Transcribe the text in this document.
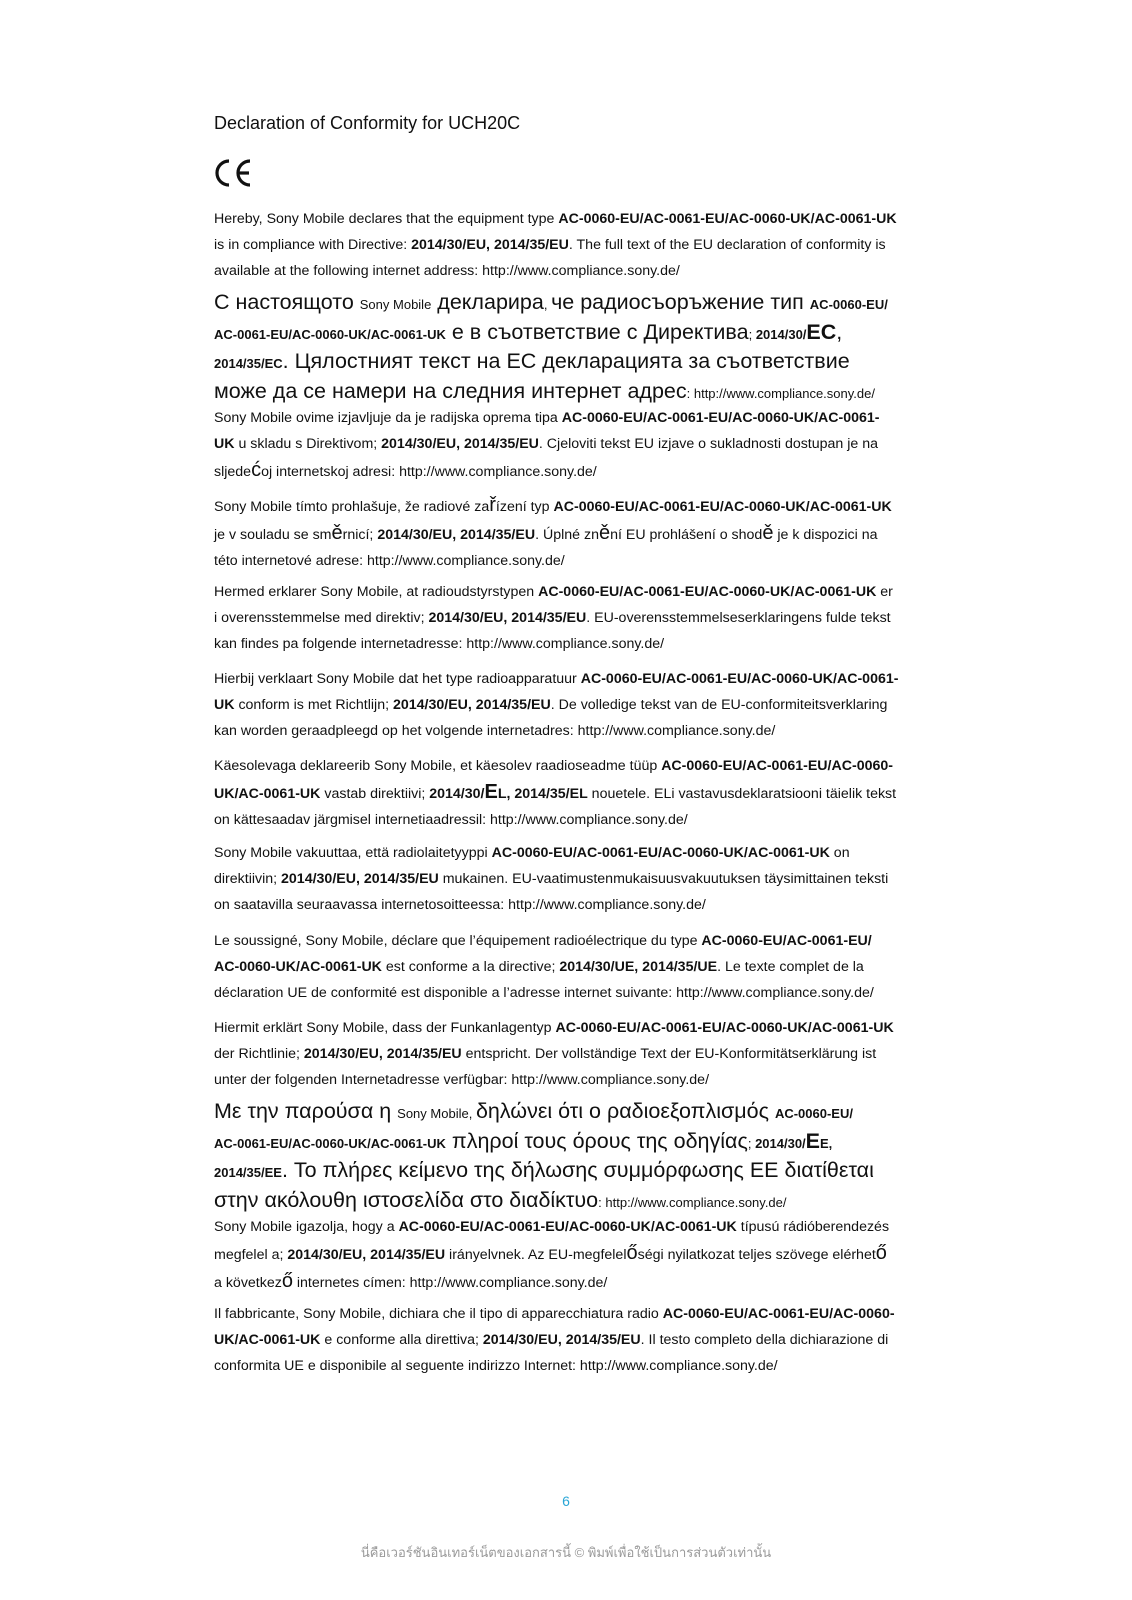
Declaration of Conformity for UCH20C
Hereby, Sony Mobile declares that the equipment type AC-0060-EU/AC-0061-EU/AC-0060-UK/AC-0061-UK
is in compliance with Directive: 2014/30/EU, 2014/35/EU. The full text of the EU declaration of conformity is
available at the following internet address: http://www.compliance.sony.de/
С настоящото Sony Mobile декларира, че радиосъоръжение тип AC-0060-EU/
AC-0061-EU/AC-0060-UK/AC-0061-UK е в съответствие с Директива; 2014/30/EC,
2014/35/EC. Цялостният текст на ЕС декларацията за съответствие
може да се намери на следния интернет адрес: http://www.compliance.sony.de/
Sony Mobile ovime izjavljuje da je radijska oprema tipa AC-0060-EU/AC-0061-EU/AC-0060-UK/AC-0061-
UK u skladu s Direktivom; 2014/30/EU, 2014/35/EU. Cjeloviti tekst EU izjave o sukladnosti dostupan je na
sljedećoj internetskoj adresi: http://www.compliance.sony.de/
Sony Mobile tímto prohlašuje, že radiové zařízení typ AC-0060-EU/AC-0061-EU/AC-0060-UK/AC-0061-UK
je v souladu se směrnicí; 2014/30/EU, 2014/35/EU. Úplné znění EU prohlášení o shodě je k dispozici na
této internetové adrese: http://www.compliance.sony.de/
Hermed erklarer Sony Mobile, at radioudstyrstypen AC-0060-EU/AC-0061-EU/AC-0060-UK/AC-0061-UK er
i overensstemmelse med direktiv; 2014/30/EU, 2014/35/EU. EU-overensstemmelseserklaringens fulde tekst
kan findes pa folgende internetadresse: http://www.compliance.sony.de/
Hierbij verklaart Sony Mobile dat het type radioapparatuur AC-0060-EU/AC-0061-EU/AC-0060-UK/AC-0061-
UK conform is met Richtlijn; 2014/30/EU, 2014/35/EU. De volledige tekst van de EU-conformiteitsverklaring
kan worden geraadpleegd op het volgende internetadres: http://www.compliance.sony.de/
Käesolevaga deklareerib Sony Mobile, et käesolev raadioseadme tüüp AC-0060-EU/AC-0061-EU/AC-0060-
UK/AC-0061-UK vastab direktiivi; 2014/30/EL, 2014/35/EL nouetele. ELi vastavusdeklaratsiooni täielik tekst
on kättesaadav järgmisel internetiaadressil: http://www.compliance.sony.de/
Sony Mobile vakuuttaa, että radiolaitetyyppi AC-0060-EU/AC-0061-EU/AC-0060-UK/AC-0061-UK on
direktiivin; 2014/30/EU, 2014/35/EU mukainen. EU-vaatimustenmukaisuusvakuutuksen täysimittainen teksti
on saatavilla seuraavassa internetosoitteessa: http://www.compliance.sony.de/
Le soussigné, Sony Mobile, déclare que l’équipement radioélectrique du type AC-0060-EU/AC-0061-EU/
AC-0060-UK/AC-0061-UK est conforme a la directive; 2014/30/UE, 2014/35/UE. Le texte complet de la
déclaration UE de conformité est disponible a l’adresse internet suivante: http://www.compliance.sony.de/
Hiermit erklärt Sony Mobile, dass der Funkanlagentyp AC-0060-EU/AC-0061-EU/AC-0060-UK/AC-0061-UK
der Richtlinie; 2014/30/EU, 2014/35/EU entspricht. Der vollständige Text der EU-Konformitätserklärung ist
unter der folgenden Internetadresse verfügbar: http://www.compliance.sony.de/
Με την παρούσα η Sony Mobile, δηλώνει ότι ο ραδιοεξοπλισμός AC-0060-EU/
AC-0061-EU/AC-0060-UK/AC-0061-UK πληροί τους όρους της οδηγίας; 2014/30/EE,
2014/35/EE. Το πλήρες κείμενο της δήλωσης συμμόρφωσης ΕΕ διατίθεται
στην ακόλουθη ιστοσελίδα στο διαδίκτυο: http://www.compliance.sony.de/
Sony Mobile igazolja, hogy a AC-0060-EU/AC-0061-EU/AC-0060-UK/AC-0061-UK típusú rádióberendezés
megfelel a; 2014/30/EU, 2014/35/EU irányelvnek. Az EU-megfelelőségi nyilatkozat teljes szövege elérhető
a következő internetes címen: http://www.compliance.sony.de/
Il fabbricante, Sony Mobile, dichiara che il tipo di apparecchiatura radio AC-0060-EU/AC-0061-EU/AC-0060-
UK/AC-0061-UK e conforme alla direttiva; 2014/30/EU, 2014/35/EU. Il testo completo della dichiarazione di
conformita UE e disponibile al seguente indirizzo Internet: http://www.compliance.sony.de/
6
นี่คือเวอร์ชันอินเทอร์เน็ตของเอกสารนี้ © พิมพ์เพื่อใช้เป็นการส่วนตัวเท่านั้น
